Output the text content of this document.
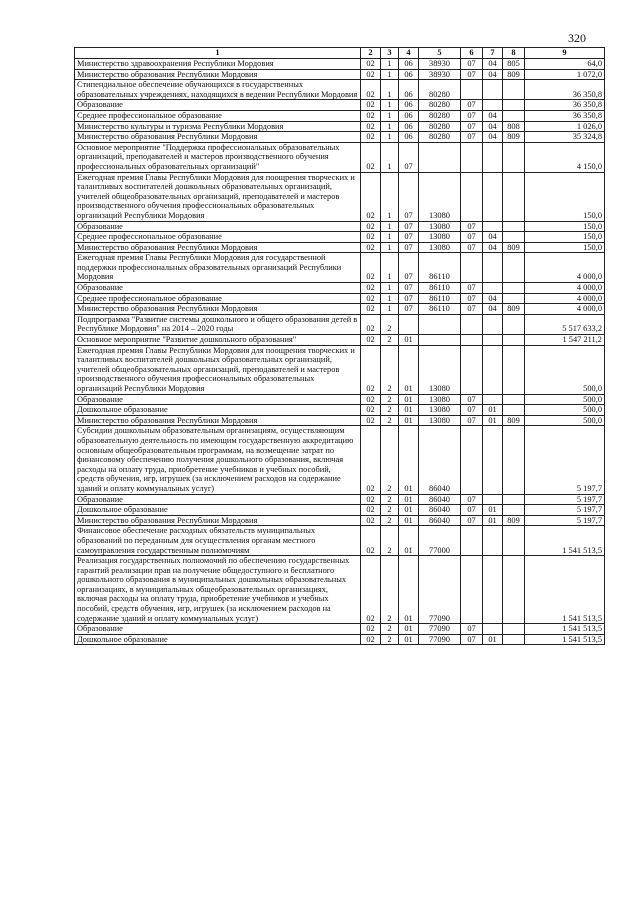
320
1	2	3	4	5	6	7	8	9
Министерство здравоохранения Республики Мордовия	02	1	06	38930	07	04	805	64,0
Министерство образования Республики Мордовия	02	1	06	38930	07	04	809	1 072,0
Стипендиальное обеспечение обучающихся в государственных образовательных учреждениях, находящихся в ведении Республики Мордовия	02	1	06	80280				36 350,8
Образование	02	1	06	80280	07			36 350,8
Среднее профессиональное образование	02	1	06	80280	07	04		36 350,8
Министерство культуры и туризма Республики Мордовия	02	1	06	80280	07	04	808	1 026,0
Министерство образования Республики Мордовия	02	1	06	80280	07	04	809	35 324,8
Основное мероприятие "Поддержка профессиональных образовательных организаций, преподавателей и мастеров производственного обучения профессиональных образовательных организаций"	02	1	07					4 150,0
Ежегодная премия Главы Республики Мордовия для поощрения творческих и талантливых воспитателей дошкольных образовательных организаций, учителей общеобразовательных организаций, преподавателей и мастеров производственного обучения профессиональных образовательных организаций Республики Мордовия	02	1	07	13080				150,0
Образование	02	1	07	13080	07			150,0
Среднее профессиональное образование	02	1	07	13080	07	04		150,0
Министерство образования Республики Мордовия	02	1	07	13080	07	04	809	150,0
Ежегодная премия Главы Республики Мордовия для государственной поддержки профессиональных образовательных организаций Республики Мордовия	02	1	07	86110				4 000,0
Образование	02	1	07	86110	07			4 000,0
Среднее профессиональное образование	02	1	07	86110	07	04		4 000,0
Министерство образования Республики Мордовия	02	1	07	86110	07	04	809	4 000,0
Подпрограмма "Развитие системы дошкольного и общего образования детей в Республике Мордовия" на 2014 – 2020 годы	02	2						5 517 633,2
Основное мероприятие "Развитие дошкольного образования"	02	2	01					1 547 211,2
Ежегодная премия Главы Республики Мордовия для поощрения творческих и талантливых воспитателей дошкольных образовательных организаций, учителей общеобразовательных организаций, преподавателей и мастеров производственного обучения профессиональных образовательных организаций Республики Мордовия	02	2	01	13080				500,0
Образование	02	2	01	13080	07			500,0
Дошкольное образование	02	2	01	13080	07	01		500,0
Министерство образования Республики Мордовия	02	2	01	13080	07	01	809	500,0
Субсидии дошкольным образовательным организациям, осуществляющим образовательную деятельность по имеющим государственную аккредитацию основным общеобразовательным программам, на возмещение затрат по финансовому обеспечению получения дошкольного образования, включая расходы на оплату труда, приобретение учебников и учебных пособий, средств обучения, игр, игрушек (за исключением расходов на содержание зданий и оплату коммунальных услуг)	02	2	01	86040				5 197,7
Образование	02	2	01	86040	07			5 197,7
Дошкольное образование	02	2	01	86040	07	01		5 197,7
Министерство образования Республики Мордовия	02	2	01	86040	07	01	809	5 197,7
Финансовое обеспечение расходных обязательств муниципальных образований по переданным для осуществления органам местного самоуправления государственным полномочиям	02	2	01	77000				1 541 513,5
Реализация государственных полномочий по обеспечению государственных гарантий реализации прав на получение общедоступного и бесплатного дошкольного образования в муниципальных дошкольных образовательных организациях, в муниципальных общеобразовательных организациях, включая расходы на оплату труда, приобретение учебников и учебных пособий, средств обучения, игр, игрушек (за исключением расходов на содержание зданий и оплату коммунальных услуг)	02	2	01	77090				1 541 513,5
Образование	02	2	01	77090	07			1 541 513,5
Дошкольное образование	02	2	01	77090	07	01		1 541 513,5
